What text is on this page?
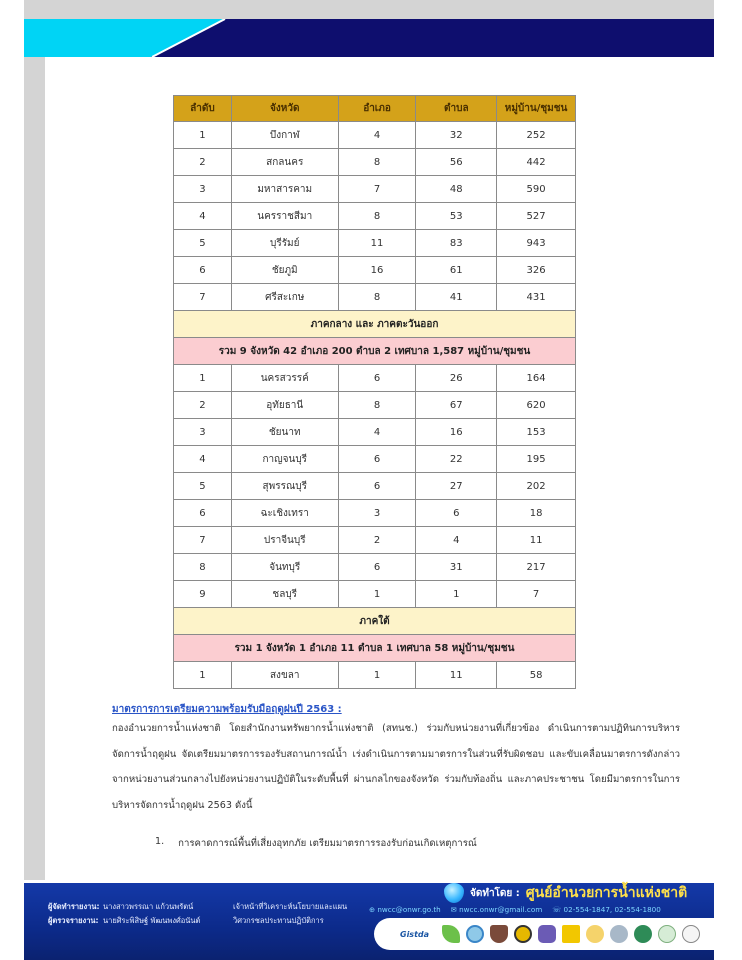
ลำดับ	จังหวัด	อำเภอ	ตำบล	หมู่บ้าน/ชุมชน
1	บึงกาฬ	4	32	252
2	สกลนคร	8	56	442
3	มหาสารคาม	7	48	590
4	นครราชสีมา	8	53	527
5	บุรีรัมย์	11	83	943
6	ชัยภูมิ	16	61	326
7	ศรีสะเกษ	8	41	431
ภาคกลาง และ ภาคตะวันออก				
รวม 9 จังหวัด 42 อำเภอ 200 ตำบล 2 เทศบาล 1,587 หมู่บ้าน/ชุมชน				
1	นครสวรรค์	6	26	164
2	อุทัยธานี	8	67	620
3	ชัยนาท	4	16	153
4	กาญจนบุรี	6	22	195
5	สุพรรณบุรี	6	27	202
6	ฉะเชิงเทรา	3	6	18
7	ปราจีนบุรี	2	4	11
8	จันทบุรี	6	31	217
9	ชลบุรี	1	1	7
ภาคใต้				
รวม 1 จังหวัด 1 อำเภอ 11 ตำบล 1 เทศบาล 58 หมู่บ้าน/ชุมชน				
1	สงขลา	1	11	58
มาตรการการเตรียมความพร้อมรับมือฤดูฝนปี 2563 :
กองอำนวยการน้ำแห่งชาติ โดยสำนักงานทรัพยากรน้ำแห่งชาติ (สทนช.) ร่วมกับหน่วยงานที่เกี่ยวข้อง ดำเนินการตามปฏิทินการบริหารจัดการน้ำฤดูฝน จัดเตรียมมาตรการรองรับสถานการณ์น้ำ เร่งดำเนินการตามมาตรการในส่วนที่รับผิดชอบ และขับเคลื่อนมาตรการดังกล่าวจากหน่วยงานส่วนกลางไปยังหน่วยงานปฏิบัติในระดับพื้นที่ ผ่านกลไกของจังหวัด ร่วมกับท้องถิ่น และภาคประชาชน โดยมีมาตรการในการบริหารจัดการน้ำฤดูฝน 2563 ดังนี้
1. การคาดการณ์พื้นที่เสี่ยงอุทกภัย เตรียมมาตรการรองรับก่อนเกิดเหตุการณ์
ผู้จัดทำรายงาน: นางสาวพรรณา แก้วนพรัตน์	เจ้าหน้าที่วิเคราะห์นโยบายและแผน
ผู้ตรวจรายงาน: นายศิระพิสิษฐ์ พัฒนพงศ์อนันต์	วิศวกรชลประทานปฏิบัติการ
จัดทำโดย : ศูนย์อำนวยการน้ำแห่งชาติ
⊕ nwcc@onwr.go.th ✉ nwcc.onwr@gmail.com ☏ 02-554-1847, 02-554-1800
Gistda
